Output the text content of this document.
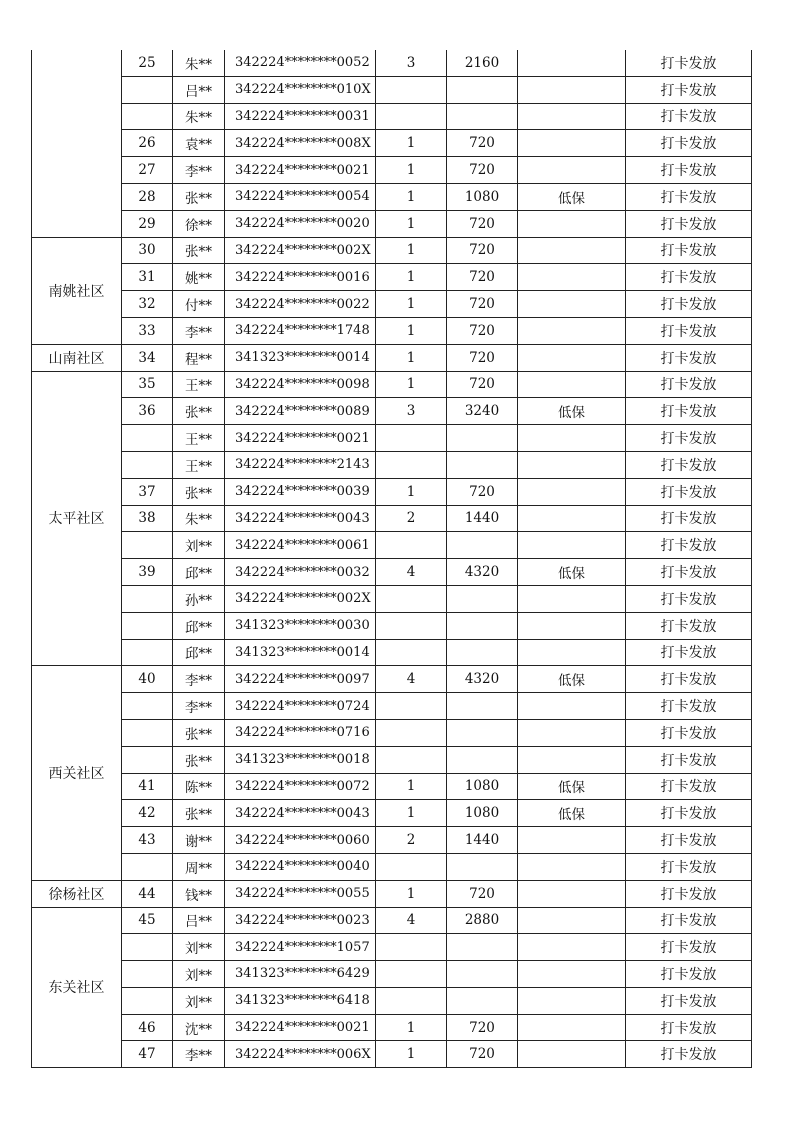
	25	朱**	342224********0052	3	2160		打卡发放
		吕**	342224********010X				打卡发放
		朱**	342224********0031				打卡发放
	26	袁**	342224********008X	1	720		打卡发放
	27	李**	342224********0021	1	720		打卡发放
	28	张**	342224********0054	1	1080	低保	打卡发放
	29	徐**	342224********0020	1	720		打卡发放
南姚社区	30	张**	342224********002X	1	720		打卡发放
	31	姚**	342224********0016	1	720		打卡发放
	32	付**	342224********0022	1	720		打卡发放
	33	李**	342224********1748	1	720		打卡发放
山南社区	34	程**	341323********0014	1	720		打卡发放
太平社区	35	王**	342224********0098	1	720		打卡发放
	36	张**	342224********0089	3	3240	低保	打卡发放
		王**	342224********0021				打卡发放
		王**	342224********2143				打卡发放
	37	张**	342224********0039	1	720		打卡发放
	38	朱**	342224********0043	2	1440		打卡发放
		刘**	342224********0061				打卡发放
	39	邱**	342224********0032	4	4320	低保	打卡发放
		孙**	342224********002X				打卡发放
		邱**	341323********0030				打卡发放
		邱**	341323********0014				打卡发放
西关社区	40	李**	342224********0097	4	4320	低保	打卡发放
		李**	342224********0724				打卡发放
		张**	342224********0716				打卡发放
		张**	341323********0018				打卡发放
	41	陈**	342224********0072	1	1080	低保	打卡发放
	42	张**	342224********0043	1	1080	低保	打卡发放
	43	谢**	342224********0060	2	1440		打卡发放
		周**	342224********0040				打卡发放
徐杨社区	44	钱**	342224********0055	1	720		打卡发放
东关社区	45	吕**	342224********0023	4	2880		打卡发放
		刘**	342224********1057				打卡发放
		刘**	341323********6429				打卡发放
		刘**	341323********6418				打卡发放
	46	沈**	342224********0021	1	720		打卡发放
	47	李**	342224********006X	1	720		打卡发放
